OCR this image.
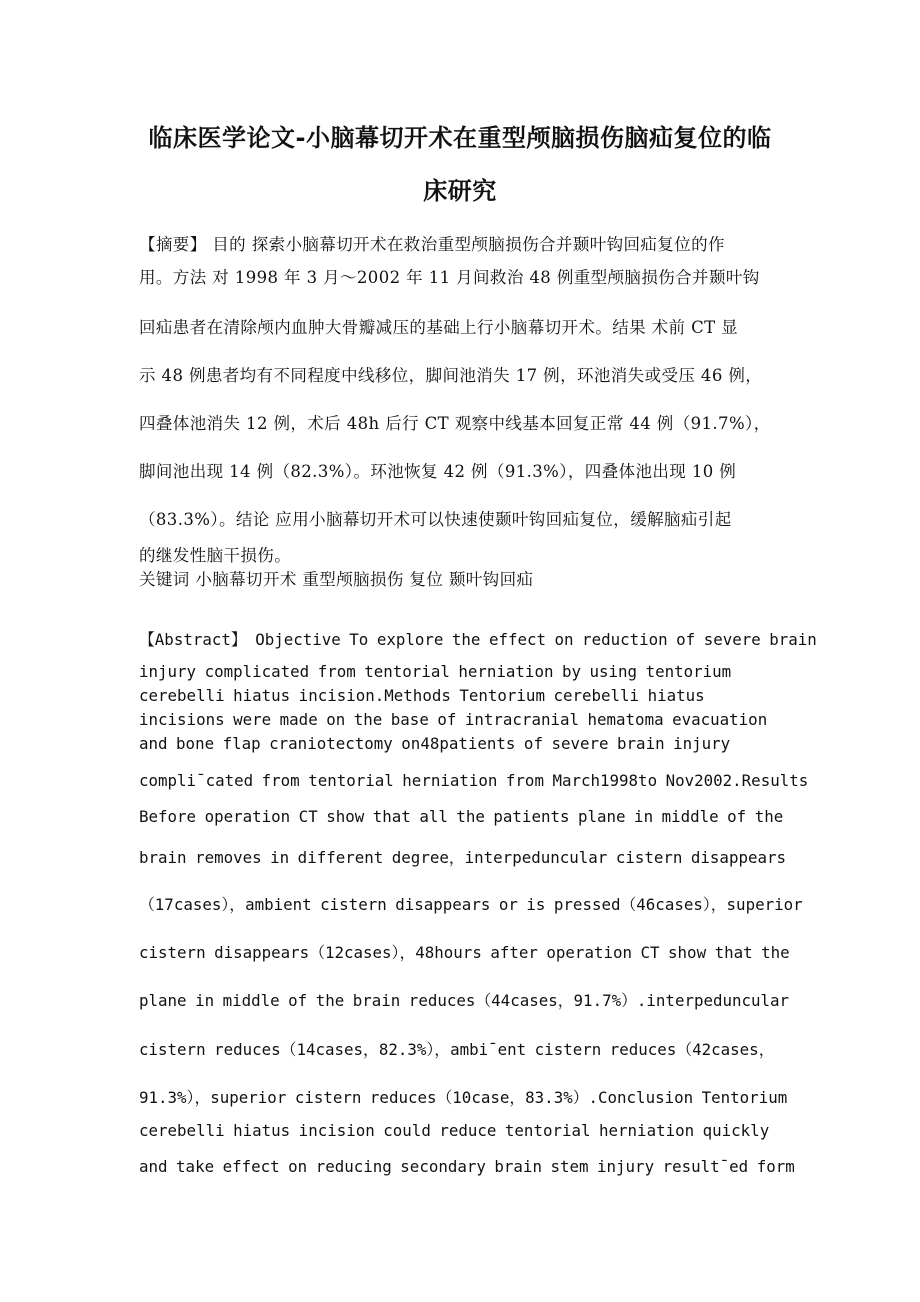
临床医学论文-小脑幕切开术在重型颅脑损伤脑疝复位的临
床研究
【摘要】 目的 探索小脑幕切开术在救治重型颅脑损伤合并颞叶钩回疝复位的作
用。方法 对 1998 年 3 月～2002 年 11 月间救治 48 例重型颅脑损伤合并颞叶钩
回疝患者在清除颅内血肿大骨瓣减压的基础上行小脑幕切开术。结果 术前 CT 显
示 48 例患者均有不同程度中线移位，脚间池消失 17 例，环池消失或受压 46 例，
四叠体池消失 12 例，术后 48h 后行 CT 观察中线基本回复正常 44 例（91.7%），
脚间池出现 14 例（82.3%）。环池恢复 42 例（91.3%），四叠体池出现 10 例
（83.3%）。结论 应用小脑幕切开术可以快速使颞叶钩回疝复位，缓解脑疝引起
的继发性脑干损伤。
关键词 小脑幕切开术 重型颅脑损伤 复位 颞叶钩回疝
【Abstract】 Objective To explore the effect on reduction of severe brain
injury complicated from tentorial herniation by using tentorium
cerebelli hiatus incision.Methods Tentorium cerebelli hiatus
incisions were made on the base of intracranial hematoma evacuation
and bone flap craniotectomy on48patients of severe brain injury
compli¯cated from tentorial herniation from March1998to Nov2002.Results
Before operation CT show that all the patients plane in middle of the
brain removes in different degree，interpeduncular cistern disappears
（17cases），ambient cistern disappears or is pressed（46cases），superior
cistern disappears（12cases），48hours after operation CT show that the
plane in middle of the brain reduces（44cases，91.7%）.interpeduncular
cistern reduces（14cases，82.3%），ambi¯ent cistern reduces（42cases，
91.3%），superior cistern reduces（10case，83.3%）.Conclusion Tentorium
cerebelli hiatus incision could reduce tentorial herniation quickly
and take effect on reducing secondary brain stem injury result¯ed form
